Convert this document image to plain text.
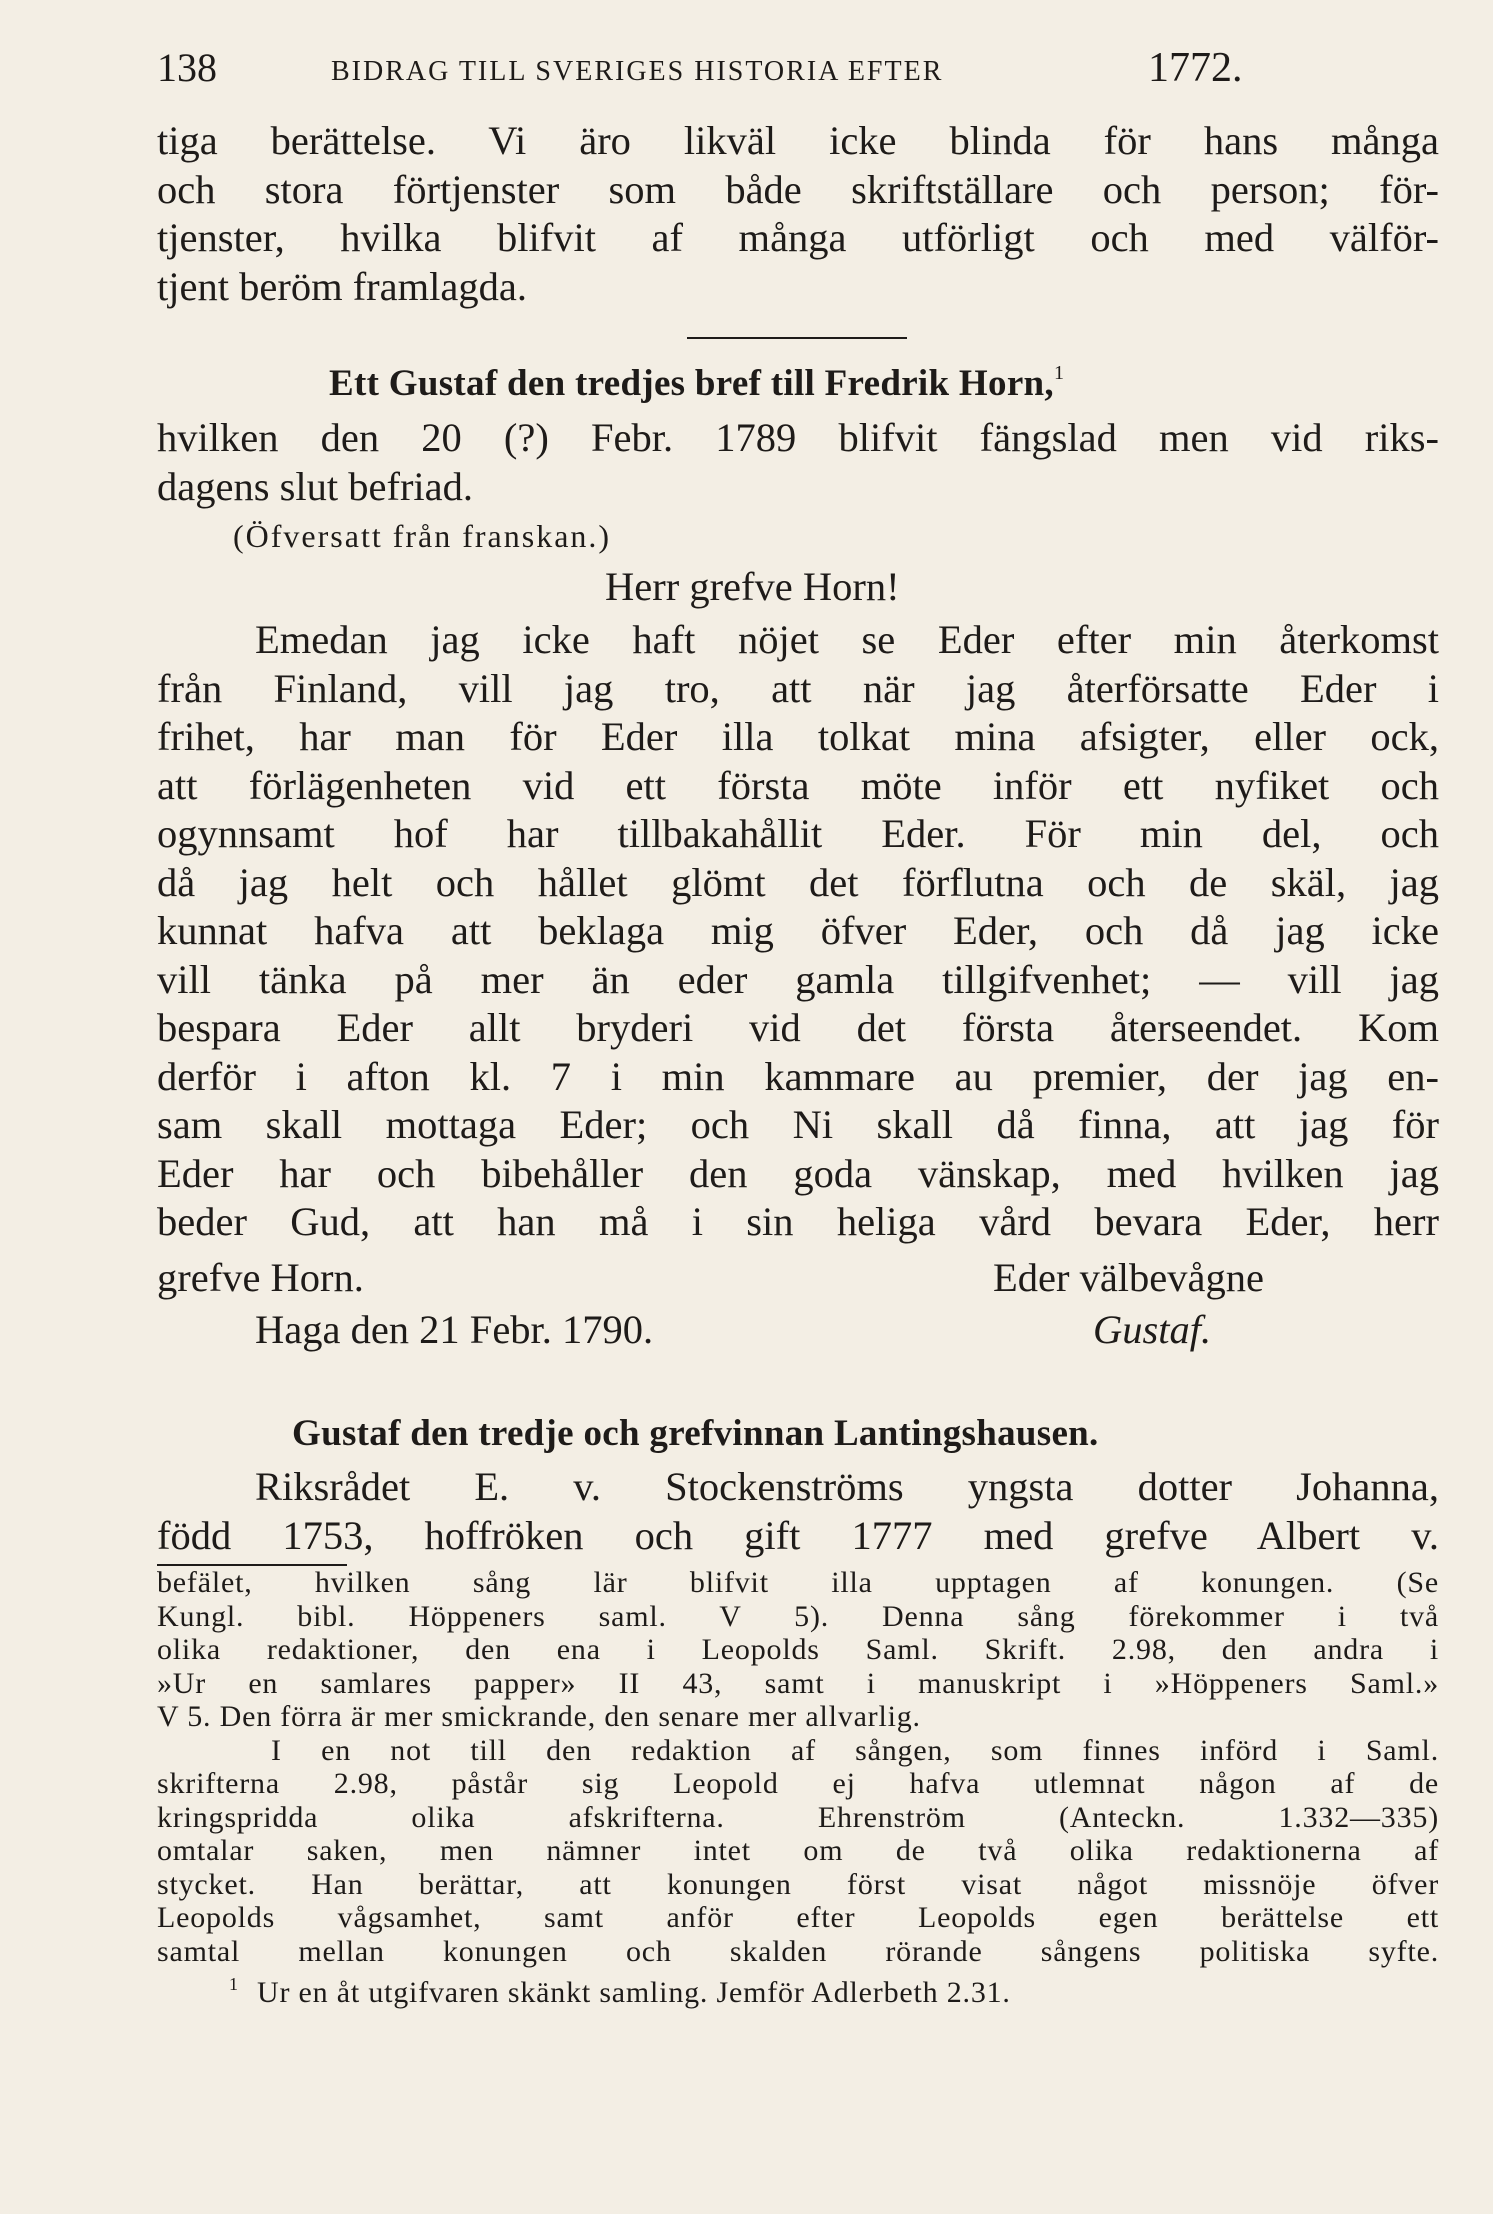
138	BIDRAG TILL SVERIGES HISTORIA EFTER	1772.
tiga berättelse. Vi äro likväl icke blinda för hans många
och stora förtjenster som både skriftställare och person; för-
tjenster, hvilka blifvit af många utförligt och med välför-
tjent beröm framlagda.
Ett Gustaf den tredjes bref till Fredrik Horn,$^1$
hvilken den 20 (?) Febr. 1789 blifvit fängslad men vid riks-
dagens slut befriad.
(Öfversatt från franskan.)
Herr grefve Horn!
Emedan jag icke haft nöjet se Eder efter min återkomst
från Finland, vill jag tro, att när jag återförsatte Eder i
frihet, har man för Eder illa tolkat mina afsigter, eller ock,
att förlägenheten vid ett första möte inför ett nyfiket och
ogynnsamt hof har tillbakahållit Eder. För min del, och
då jag helt och hållet glömt det förflutna och de skäl, jag
kunnat hafva att beklaga mig öfver Eder, och då jag icke
vill tänka på mer än eder gamla tillgifvenhet; — vill jag
bespara Eder allt bryderi vid det första återseendet. Kom
derför i afton kl. 7 i min kammare au premier, der jag en-
sam skall mottaga Eder; och Ni skall då finna, att jag för
Eder har och bibehåller den goda vänskap, med hvilken jag
beder Gud, att han må i sin heliga vård bevara Eder, herr
grefve Horn.	Eder välbevågne
Haga den 21 Febr. 1790.	Gustaf.
Gustaf den tredje och grefvinnan Lantingshausen.
Riksrådet E. v. Stockenströms yngsta dotter Johanna,
född 1753, hoffröken och gift 1777 med grefve Albert v.
befälet, hvilken sång lär blifvit illa upptagen af konungen. (Se
Kungl. bibl. Höppeners saml. V 5). Denna sång förekommer i två
olika redaktioner, den ena i Leopolds Saml. Skrift. 2.98, den andra i
»Ur en samlares papper» II 43, samt i manuskript i »Höppeners Saml.»
V 5. Den förra är mer smickrande, den senare mer allvarlig.
I en not till den redaktion af sången, som finnes införd i Saml.
skrifterna 2.98, påstår sig Leopold ej hafva utlemnat någon af de
kringspridda olika afskrifterna. Ehrenström (Anteckn. 1.332—335)
omtalar saken, men nämner intet om de två olika redaktionerna af
stycket. Han berättar, att konungen först visat något missnöje öfver
Leopolds vågsamhet, samt anför efter Leopolds egen berättelse ett
samtal mellan konungen och skalden rörande sångens politiska syfte.
1 Ur en åt utgifvaren skänkt samling. Jemför Adlerbeth 2.31.
